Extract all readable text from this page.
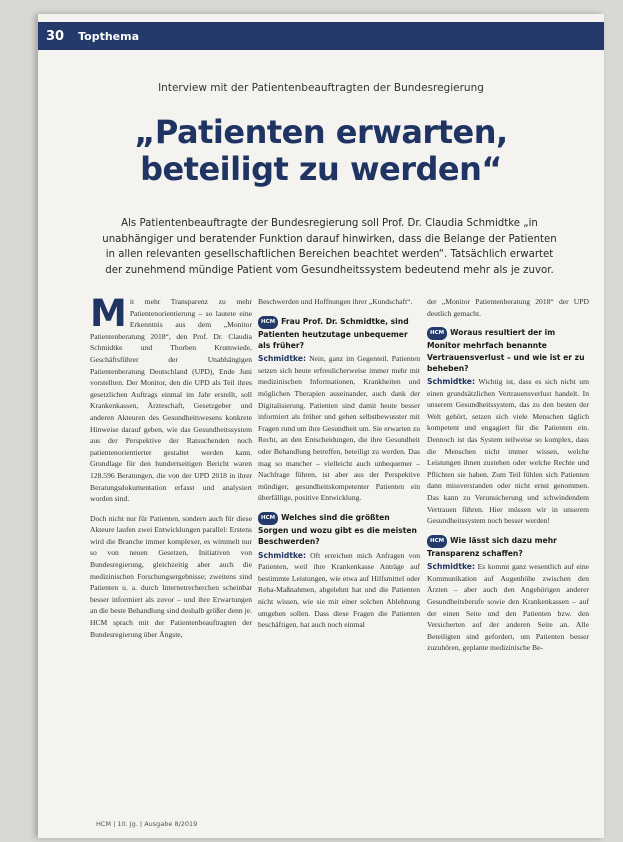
30 Topthema
Interview mit der Patientenbeauftragten der Bundesregierung
„Patienten erwarten,
beteiligt zu werden“
Als Patientenbeauftragte der Bundesregierung soll Prof. Dr. Claudia Schmidtke „in unabhängiger und beratender Funktion darauf hinwirken, dass die Belange der Patienten in allen relevanten gesellschaftlichen Bereichen beachtet werden“. Tatsächlich erwartet der zunehmend mündige Patient vom Gesundheitssystem bedeutend mehr als je zuvor.
M it mehr Transparenz zu mehr Patientenorientierung – so lautete eine Erkenntnis aus dem „Monitor Patientenberatung 2018“, den Prof. Dr. Claudia Schmidtke und Thorben Krumwiede, Geschäftsführer der Unabhängigen Patientenberatung Deutschland (UPD), Ende Juni vorstellten. Der Monitor, den die UPD als Teil ihres gesetzlichen Auftrags einmal im Jahr erstellt, soll Krankenkassen, Ärzteschaft, Gesetzgeber und anderen Akteuren des Gesundheitswesens konkrete Hinweise darauf geben, wie das Gesundheitssystem aus der Perspektive der Ratsuchenden noch patientenorientierter gestaltet werden kann. Grundlage für den hundertseitigen Bericht waren 128.596 Beratungen, die von der UPD 2018 in ihrer Beratungsdokumentation erfasst und analysiert worden sind.

Doch nicht nur für Patienten, sondern auch für diese Akteure laufen zwei Entwicklungen parallel: Erstens wird die Branche immer komplexer, es wimmelt nur so von neuen Gesetzen, Initiativen von Bundesregierung, gleichzeitig aber auch die medizinischen Forschungsergebnisse; zweitens sind Patienten u. a. durch Internetrecherchen scheinbar besser informiert als zuvor – und ihre Erwartungen an die beste Behandlung sind deshalb größer denn je. HCM sprach mit der Patientenbeauftragten der Bundesregierung über Ängste,

Beschwerden und Hoffnungen ihrer „Kundschaft“.

HCM Frau Prof. Dr. Schmidtke, sind Patienten heutzutage unbequemer als früher?

Schmidtke: Nein, ganz im Gegenteil. Patienten setzen sich heute erfreulicherweise immer mehr mit medizinischen Informationen, Krankheiten und möglichen Therapien auseinander, auch dank der Digitalisierung. Patienten sind damit heute besser informiert als früher und gehen selbstbewusster mit Fragen rund um ihre Gesundheit um. Sie erwarten zu Recht, an den Entscheidungen, die ihre Gesundheit oder Behandlung betreffen, beteiligt zu werden. Das mag so mancher – vielleicht auch unbequemer – Nachfrage führen, ist aber aus der Perspektive mündiger, gesundheitskompetenter Patienten ein überfällige, positive Entwicklung.

HCM Welches sind die größten Sorgen und wozu gibt es die meisten Beschwerden?

Schmidtke: Oft erreichen mich Anfragen von Patienten, weil ihre Krankenkasse Anträge auf bestimmte Leistungen, wie etwa auf Hilfsmittel oder Reha-Maßnahmen, abgelehnt hat und die Patienten nicht wissen, wie sie mit einer solchen Ablehnung umgehen sollen. Dass diese Fragen die Patienten beschäftigen, hat auch noch einmal

der „Monitor Patientenberatung 2018“ der UPD deutlich gemacht.

HCM Woraus resultiert der im Monitor mehrfach benannte Vertrauensverlust – und wie ist er zu beheben?

Schmidtke: Wichtig ist, dass es sich nicht um einen grundsätzlichen Vertrauensverlust handelt. In unserem Gesundheitssystem, das zu den besten der Welt gehört, setzen sich viele Menschen täglich kompetent und engagiert für die Patienten ein. Dennoch ist das System teilweise so komplex, dass die Menschen nicht immer wissen, welche Leistungen ihnen zustehen oder welche Rechte und Pflichten sie haben. Zum Teil fühlen sich Patienten dann missverstanden oder nicht ernst genommen. Das kann zu Verunsicherung und schwindendem Vertrauen führen. Hier müssen wir in unserem Gesundheitssystem noch besser werden!

HCM Wie lässt sich dazu mehr Transparenz schaffen?

Schmidtke: Es kommt ganz wesentlich auf eine Kommunikation auf Augenhöhe zwischen den Ärzten – aber auch den Angehörigen anderer Gesundheitsberufe sowie den Krankenkassen – auf der einen Seite und den Patienten bzw. den Versicherten auf der anderen Seite an. Alle Beteiligten sind gefordert, um Patienten besser zuzuhören, geplante medizinische Be-

HCM | 10. Jg. | Ausgabe 8/2019
